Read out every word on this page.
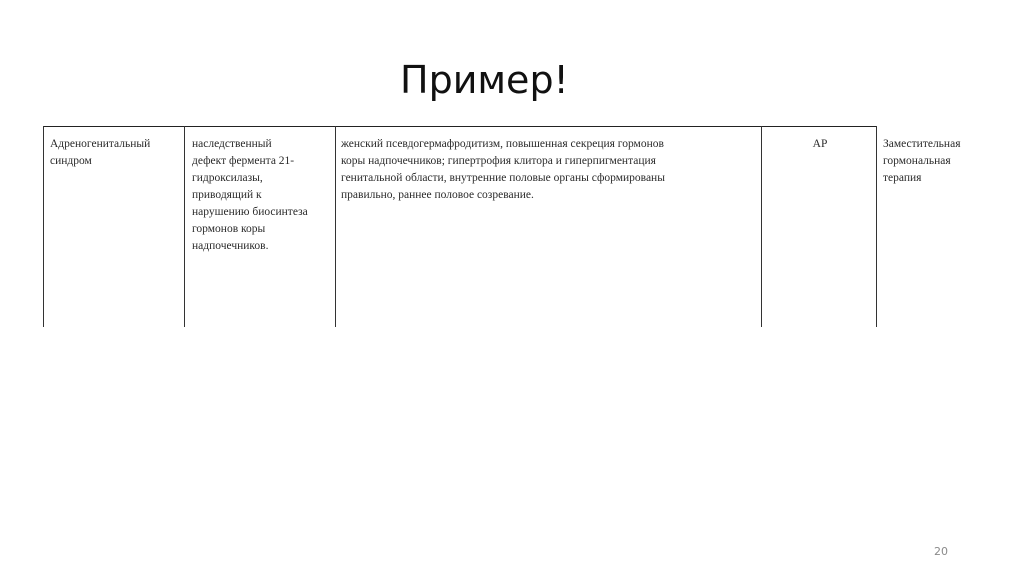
Пример!
Адреногенитальный
синдром
наследственный
дефект фермента 21-
гидроксилазы,
приводящий к
нарушению биосинтеза
гормонов коры
надпочечников.
женский псевдогермафродитизм, повышенная секреция гормонов
коры надпочечников; гипертрофия клитора и гиперпигментация
генитальной области, внутренние половые органы сформированы
правильно, раннее половое созревание.
АР	Заместительная
гормональная
терапия
20
